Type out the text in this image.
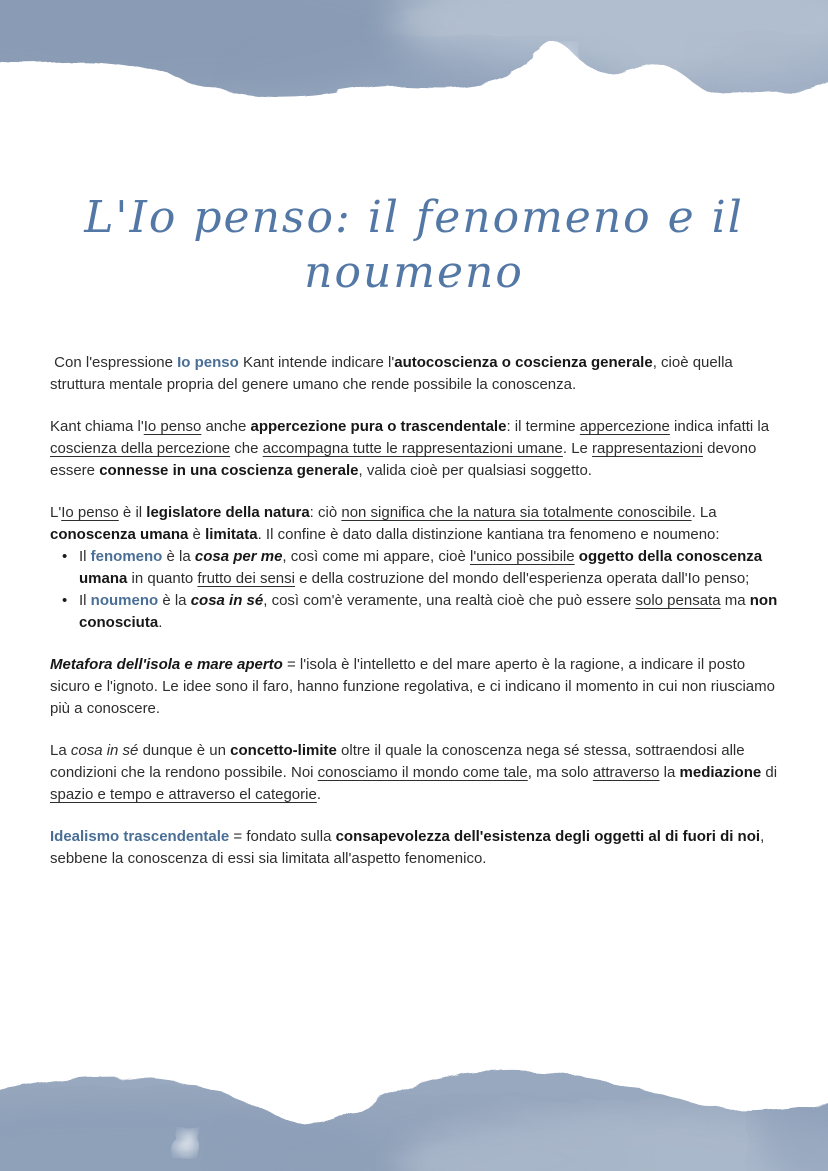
L'Io penso: il fenomeno e il noumeno
Con l'espressione Io penso Kant intende indicare l'autocoscienza o coscienza generale, cioè quella struttura mentale propria del genere umano che rende possibile la conoscenza.
Kant chiama l'Io penso anche appercezione pura o trascendentale: il termine appercezione indica infatti la coscienza della percezione che accompagna tutte le rappresentazioni umane. Le rappresentazioni devono essere connesse in una coscienza generale, valida cioè per qualsiasi soggetto.
L'Io penso è il legislatore della natura: ciò non significa che la natura sia totalmente conoscibile. La conoscenza umana è limitata. Il confine è dato dalla distinzione kantiana tra fenomeno e noumeno:
• Il fenomeno è la cosa per me, così come mi appare, cioè l'unico possibile oggetto della conoscenza umana in quanto frutto dei sensi e della costruzione del mondo dell'esperienza operata dall'Io penso;
• Il noumeno è la cosa in sé, così com'è veramente, una realtà cioè che può essere solo pensata ma non conosciuta.
Metafora dell'isola e mare aperto = l'isola è l'intelletto e del mare aperto è la ragione, a indicare il posto sicuro e l'ignoto. Le idee sono il faro, hanno funzione regolativa, e ci indicano il momento in cui non riusciamo più a conoscere.
La cosa in sé dunque è un concetto-limite oltre il quale la conoscenza nega sé stessa, sottraendosi alle condizioni che la rendono possibile. Noi conosciamo il mondo come tale, ma solo attraverso la mediazione di spazio e tempo e attraverso el categorie.
Idealismo trascendentale = fondato sulla consapevolezza dell'esistenza degli oggetti al di fuori di noi, sebbene la conoscenza di essi sia limitata all'aspetto fenomenico.
